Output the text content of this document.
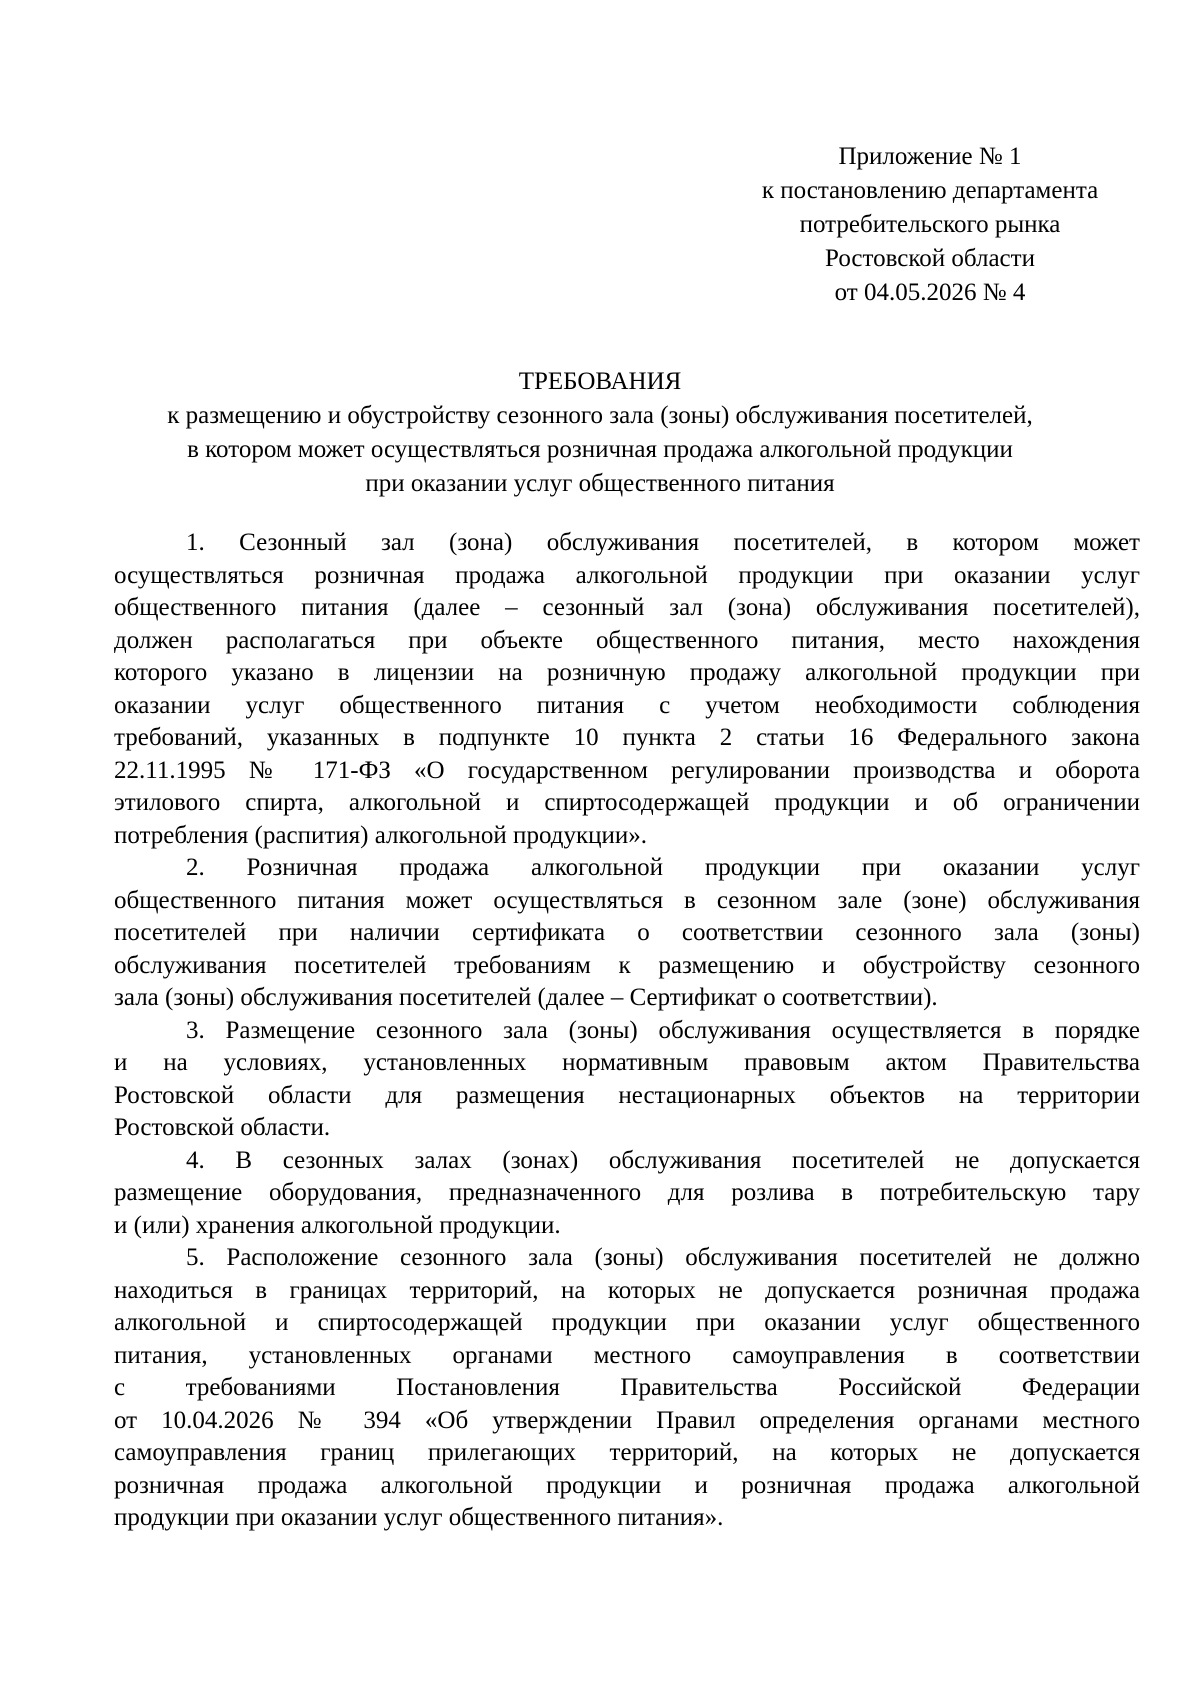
Приложение № 1
к постановлению департамента
потребительского рынка
Ростовской области
от 04.05.2026 № 4
ТРЕБОВАНИЯ
к размещению и обустройству сезонного зала (зоны) обслуживания посетителей,
в котором может осуществляться розничная продажа алкогольной продукции
при оказании услуг общественного питания
1. Сезонный зал (зона) обслуживания посетителей, в котором может
осуществляться розничная продажа алкогольной продукции при оказании услуг
общественного питания (далее – сезонный зал (зона) обслуживания посетителей),
должен располагаться при объекте общественного питания, место нахождения
которого указано в лицензии на розничную продажу алкогольной продукции при
оказании услуг общественного питания с учетом необходимости соблюдения
требований, указанных в подпункте 10 пункта 2 статьи 16 Федерального закона
22.11.1995 № 171-ФЗ «О государственном регулировании производства и оборота
этилового спирта, алкогольной и спиртосодержащей продукции и об ограничении
потребления (распития) алкогольной продукции».
2. Розничная продажа алкогольной продукции при оказании услуг
общественного питания может осуществляться в сезонном зале (зоне) обслуживания
посетителей при наличии сертификата о соответствии сезонного зала (зоны)
обслуживания посетителей требованиям к размещению и обустройству сезонного
зала (зоны) обслуживания посетителей (далее – Сертификат о соответствии).
3. Размещение сезонного зала (зоны) обслуживания осуществляется в порядке
и на условиях, установленных нормативным правовым актом Правительства
Ростовской области для размещения нестационарных объектов на территории
Ростовской области.
4. В сезонных залах (зонах) обслуживания посетителей не допускается
размещение оборудования, предназначенного для розлива в потребительскую тару
и (или) хранения алкогольной продукции.
5. Расположение сезонного зала (зоны) обслуживания посетителей не должно
находиться в границах территорий, на которых не допускается розничная продажа
алкогольной и спиртосодержащей продукции при оказании услуг общественного
питания, установленных органами местного самоуправления в соответствии
с требованиями Постановления Правительства Российской Федерации
от 10.04.2026 № 394 «Об утверждении Правил определения органами местного
самоуправления границ прилегающих территорий, на которых не допускается
розничная продажа алкогольной продукции и розничная продажа алкогольной
продукции при оказании услуг общественного питания».
